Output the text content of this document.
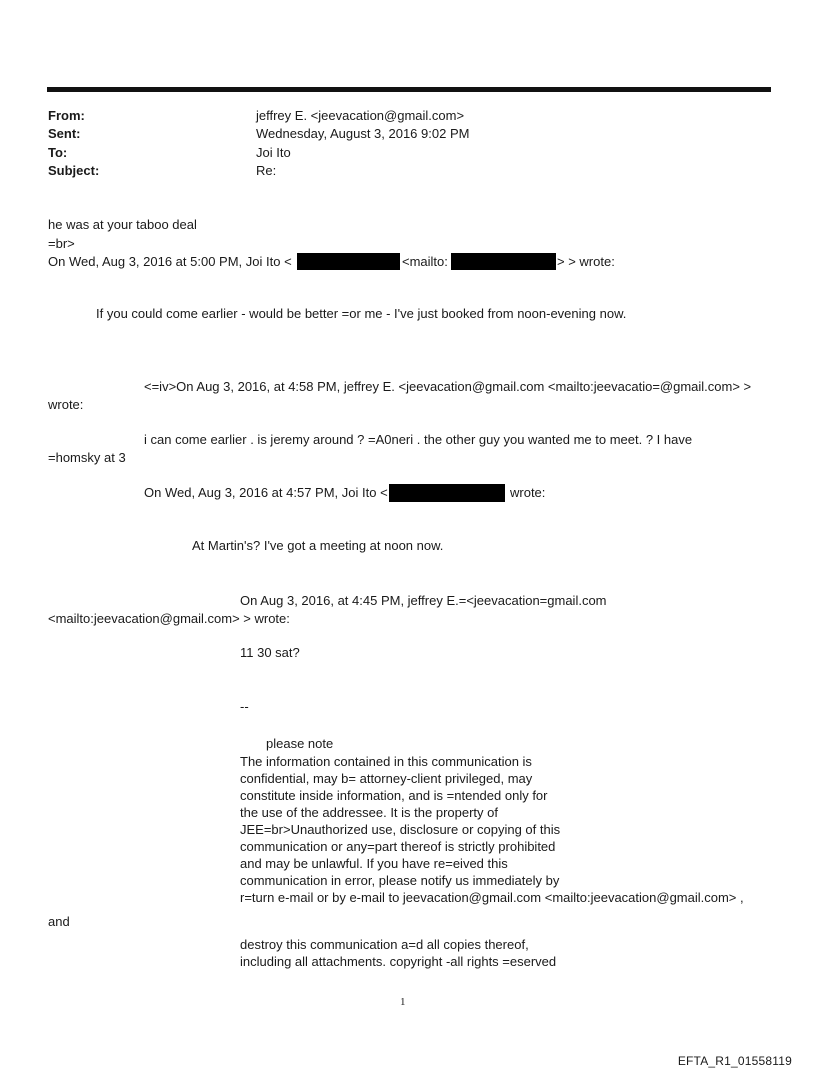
From:	jeffrey E. <jeevacation@gmail.com>
Sent:	Wednesday, August 3, 2016 9:02 PM
To:	Joi Ito
Subject:	Re:
he was at your taboo deal
=br>
On Wed, Aug 3, 2016 at 5:00 PM, Joi Ito <	<mailto:	> > wrote:
If you could come earlier - would be better =or me - I've just booked from noon-evening now.
<=iv>On Aug 3, 2016, at 4:58 PM, jeffrey E. <jeevacation@gmail.com <mailto:jeevacatio=@gmail.com> >
wrote:
i can come earlier . is jeremy around ? =A0neri . the other guy you wanted me to meet. ? I have
=homsky at 3
On Wed, Aug 3, 2016 at 4:57 PM, Joi Ito <	wrote:
At Martin's? I've got a meeting at noon now.
On Aug 3, 2016, at 4:45 PM, jeffrey E.=<jeevacation=gmail.com
<mailto:jeevacation@gmail.com> > wrote:
11 30 sat?
--
please note
The information contained in this communication is
confidential, may b= attorney-client privileged, may
constitute inside information, and is =ntended only for
the use of the addressee. It is the property of
JEE=br>Unauthorized use, disclosure or copying of this
communication or any=part thereof is strictly prohibited
and may be unlawful. If you have re=eived this
communication in error, please notify us immediately by
r=turn e-mail or by e-mail to jeevacation@gmail.com <mailto:jeevacation@gmail.com> ,
and
destroy this communication a=d all copies thereof,
including all attachments. copyright -all rights =eserved
1
EFTA_R1_01558119
